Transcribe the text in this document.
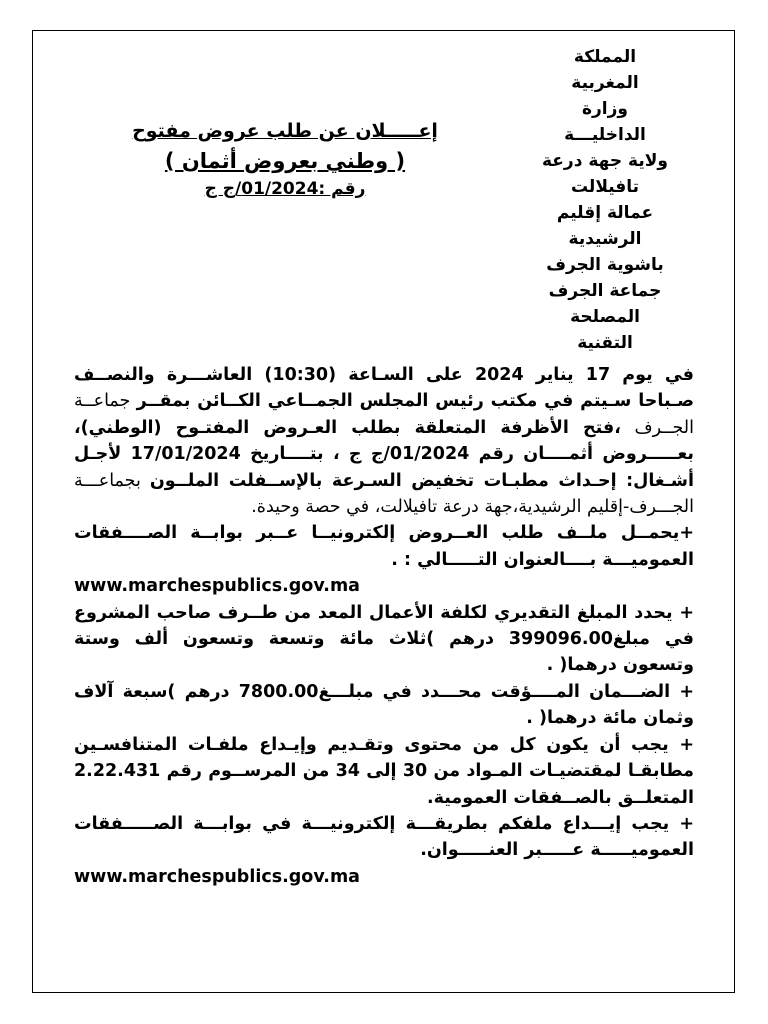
المملكة
المغربية
وزارة
الداخليـــة
ولاية جهة درعة
تافيلالت
عمالة إقليم
الرشيدية
باشوية الجرف
جماعة الجرف
المصلحة
التقنية
إعـــــلان عن طلب عروض مفتوح
( وطني بعروض أثمان )
رقم :01/2024/ج ج

في يوم 17 يناير 2024 على السـاعة (10:30) العاشـــرة والنصــف صـباحا سـيتم في مكتب رئيس المجلس الجمــاعي الكــائن بمقــر جماعــة الجــرف ،فتح الأظرفة المتعلقة بطلب العـروض المفتـوح (الوطني)، بعـــــروض أثمــــان رقم 01/2024/ج ج ، بتــــاريخ 17/01/2024 لأجـل أشـغال: إحـداث مطبـات تخفيض السـرعة بالإســفلت الملــون بجماعـــة الجـــرف-إقليم الرشيدية،جهة درعة تافيلالت، في حصة وحيدة.

+يحمــل ملــف طلب العــروض إلكترونيــا عــبر بوابــة الصــــفقات العموميـــة بــــالعنوان التـــــالي : .

www.marchespublics.gov.ma

+ يحدد المبلغ التقديري لكلفة الأعمال المعد من طــرف صاحب المشروع في مبلغ399096.00 درهم )ثلاث مائة وتسعة وتسعون ألف وستة وتسعون درهما( .

+ الضـــمان المــــؤقت محـــدد في مبلـــغ7800.00 درهم )سبعة آلاف وثمان مائة درهما( .

+ يجب أن يكون كل من محتوى وتقـديم وإيـداع ملفـات المتنافسـين مطابقـا لمقتضيـات المـواد من 30 إلى 34 من المرســوم رقم 2.22.431 المتعلــق بالصــفقات العمومية.

+ يجب إيـــداع ملفكم بطريقـــة إلكترونيـــة في بوابـــة الصـــــفقات العموميـــــة عـــــبر العنـــــوان.

www.marchespublics.gov.ma
